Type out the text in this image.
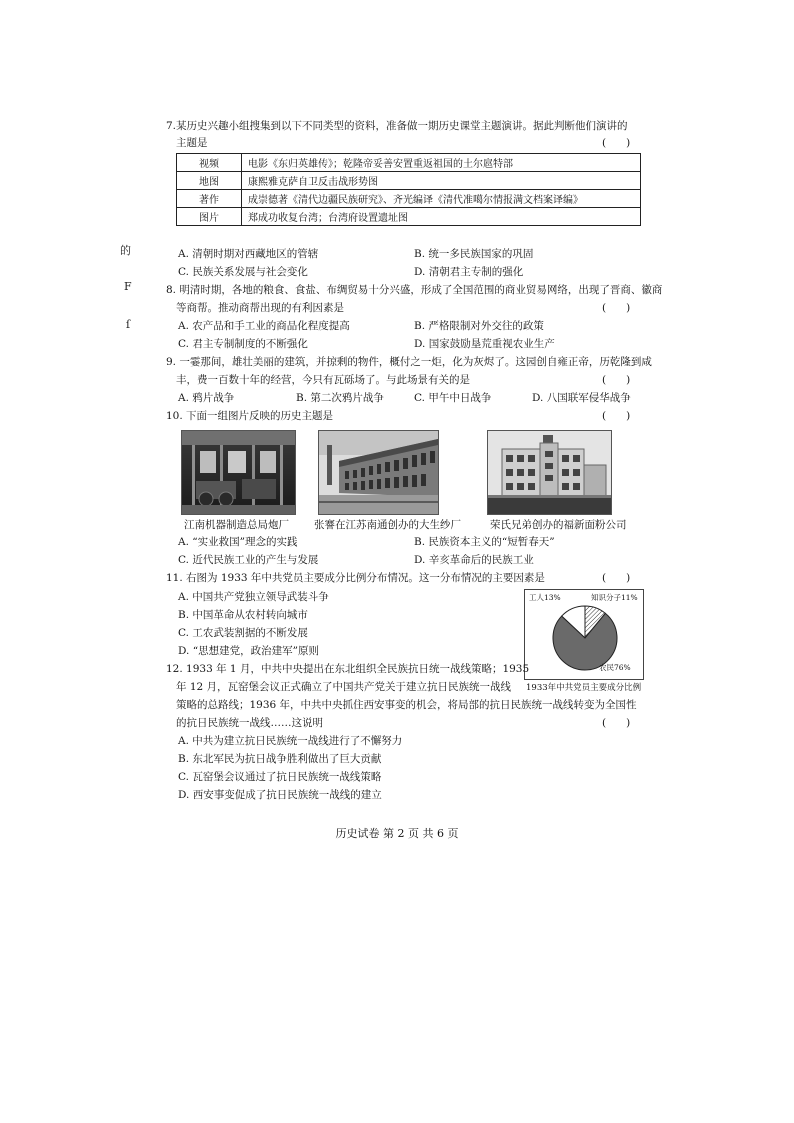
的
F
ſ
7.某历史兴趣小组搜集到以下不同类型的资料，准备做一期历史课堂主题演讲。据此判断他们演讲的
主题是	(      )
视频	电影《东归英雄传》；乾隆帝妥善安置重返祖国的土尔扈特部
地图	康熙雅克萨自卫反击战形势图
著作	成崇德著《清代边疆民族研究》、齐光编译《清代准噶尔情报满文档案译编》
图片	郑成功收复台湾；台湾府设置遗址图
A. 清朝时期对西藏地区的管辖	B. 统一多民族国家的巩固
C. 民族关系发展与社会变化	D. 清朝君主专制的强化
8. 明清时期，各地的粮食、食盐、布绸贸易十分兴盛，形成了全国范围的商业贸易网络，出现了晋商、徽商
等商帮。推动商帮出现的有利因素是	(      )
A. 农产品和手工业的商品化程度提高	B. 严格限制对外交往的政策
C. 君主专制制度的不断强化	D. 国家鼓励垦荒重视农业生产
9. 一霎那间，雄壮美丽的建筑，并掠剩的物件，概付之一炬，化为灰烬了。这园创自雍正帝，历乾隆到咸
丰，费一百数十年的经营，今只有瓦砾场了。与此场景有关的是	(      )
A. 鸦片战争	B. 第二次鸦片战争	C. 甲午中日战争	D. 八国联军侵华战争
10. 下面一组图片反映的历史主题是	(      )
江南机器制造总局炮厂 张謇在江苏南通创办的大生纱厂	荣氏兄弟创办的福新面粉公司
A. “实业救国”理念的实践	B. 民族资本主义的“短暂春天”
C. 近代民族工业的产生与发展	D. 辛亥革命后的民族工业
11. 右图为 1933 年中共党员主要成分比例分布情况。这一分布情况的主要因素是	(      )
A. 中国共产党独立领导武装斗争
B. 中国革命从农村转向城市
C. 工农武装割据的不断发展
D. “思想建党，政治建军”原则
工人13%	知识分子11%
农民76%
1933年中共党员主要成分比例
12. 1933 年 1 月，中共中央提出在东北组织全民族抗日统一战线策略；1935
年 12 月，瓦窑堡会议正式确立了中国共产党关于建立抗日民族统一战线
策略的总路线；1936 年，中共中央抓住西安事变的机会，将局部的抗日民族统一战线转变为全国性
的抗日民族统一战线……这说明	(      )
A. 中共为建立抗日民族统一战线进行了不懈努力
B. 东北军民为抗日战争胜利做出了巨大贡献
C. 瓦窑堡会议通过了抗日民族统一战线策略
D. 西安事变促成了抗日民族统一战线的建立
历史试卷 第 2 页 共 6 页
